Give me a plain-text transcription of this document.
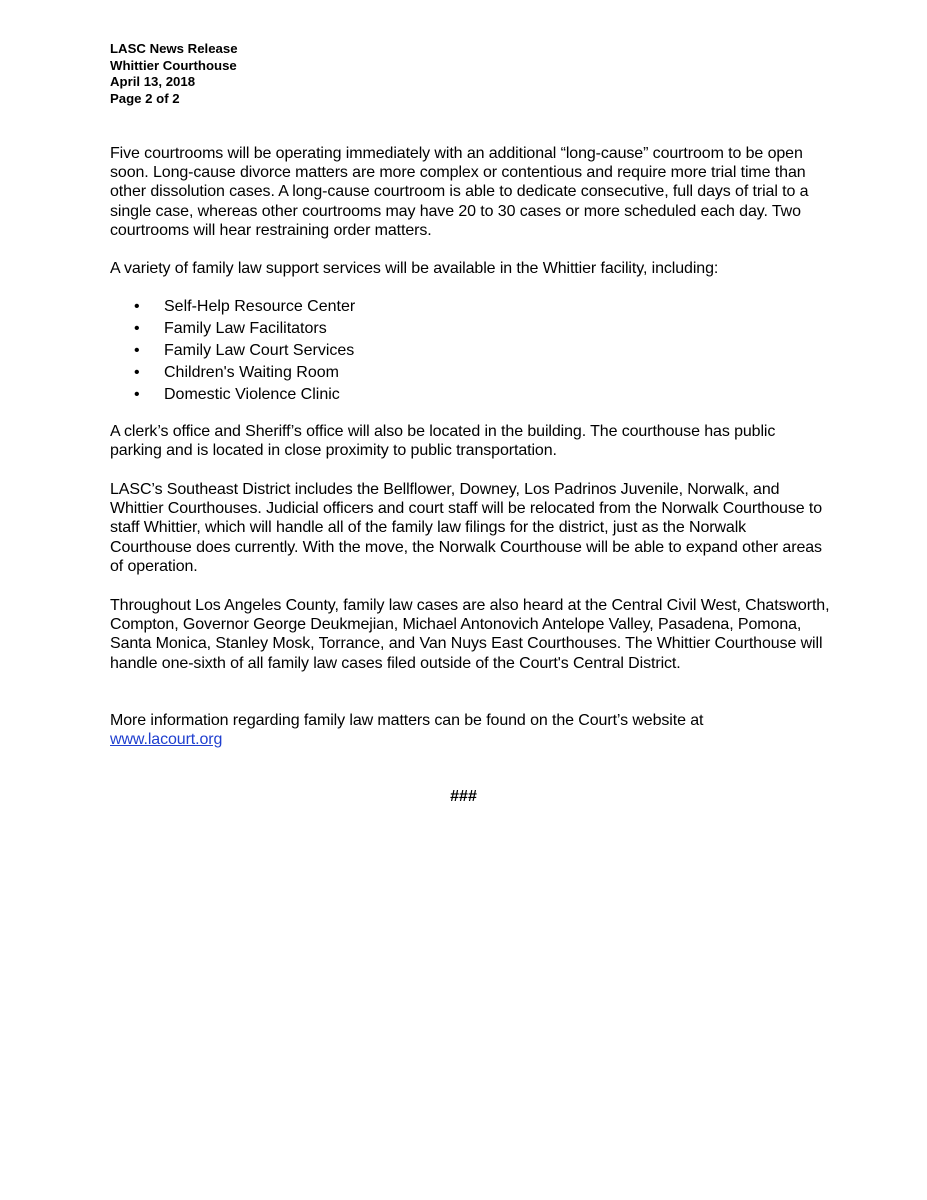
LASC News Release
Whittier Courthouse
April 13, 2018
Page 2 of 2
Five courtrooms will be operating immediately with an additional “long-cause” courtroom to be open soon. Long-cause divorce matters are more complex or contentious and require more trial time than other dissolution cases. A long-cause courtroom is able to dedicate consecutive, full days of trial to a single case, whereas other courtrooms may have 20 to 30 cases or more scheduled each day. Two courtrooms will hear restraining order matters.
A variety of family law support services will be available in the Whittier facility, including:
• Self-Help Resource Center
• Family Law Facilitators
• Family Law Court Services
• Children's Waiting Room
• Domestic Violence Clinic
A clerk’s office and Sheriff’s office will also be located in the building. The courthouse has public parking and is located in close proximity to public transportation.
LASC’s Southeast District includes the Bellflower, Downey, Los Padrinos Juvenile, Norwalk, and Whittier Courthouses. Judicial officers and court staff will be relocated from the Norwalk Courthouse to staff Whittier, which will handle all of the family law filings for the district, just as the Norwalk Courthouse does currently. With the move, the Norwalk Courthouse will be able to expand other areas of operation.
Throughout Los Angeles County, family law cases are also heard at the Central Civil West, Chatsworth, Compton, Governor George Deukmejian, Michael Antonovich Antelope Valley, Pasadena, Pomona, Santa Monica, Stanley Mosk, Torrance, and Van Nuys East Courthouses. The Whittier Courthouse will handle one-sixth of all family law cases filed outside of the Court's Central District.
More information regarding family law matters can be found on the Court’s website at
www.lacourt.org
###
